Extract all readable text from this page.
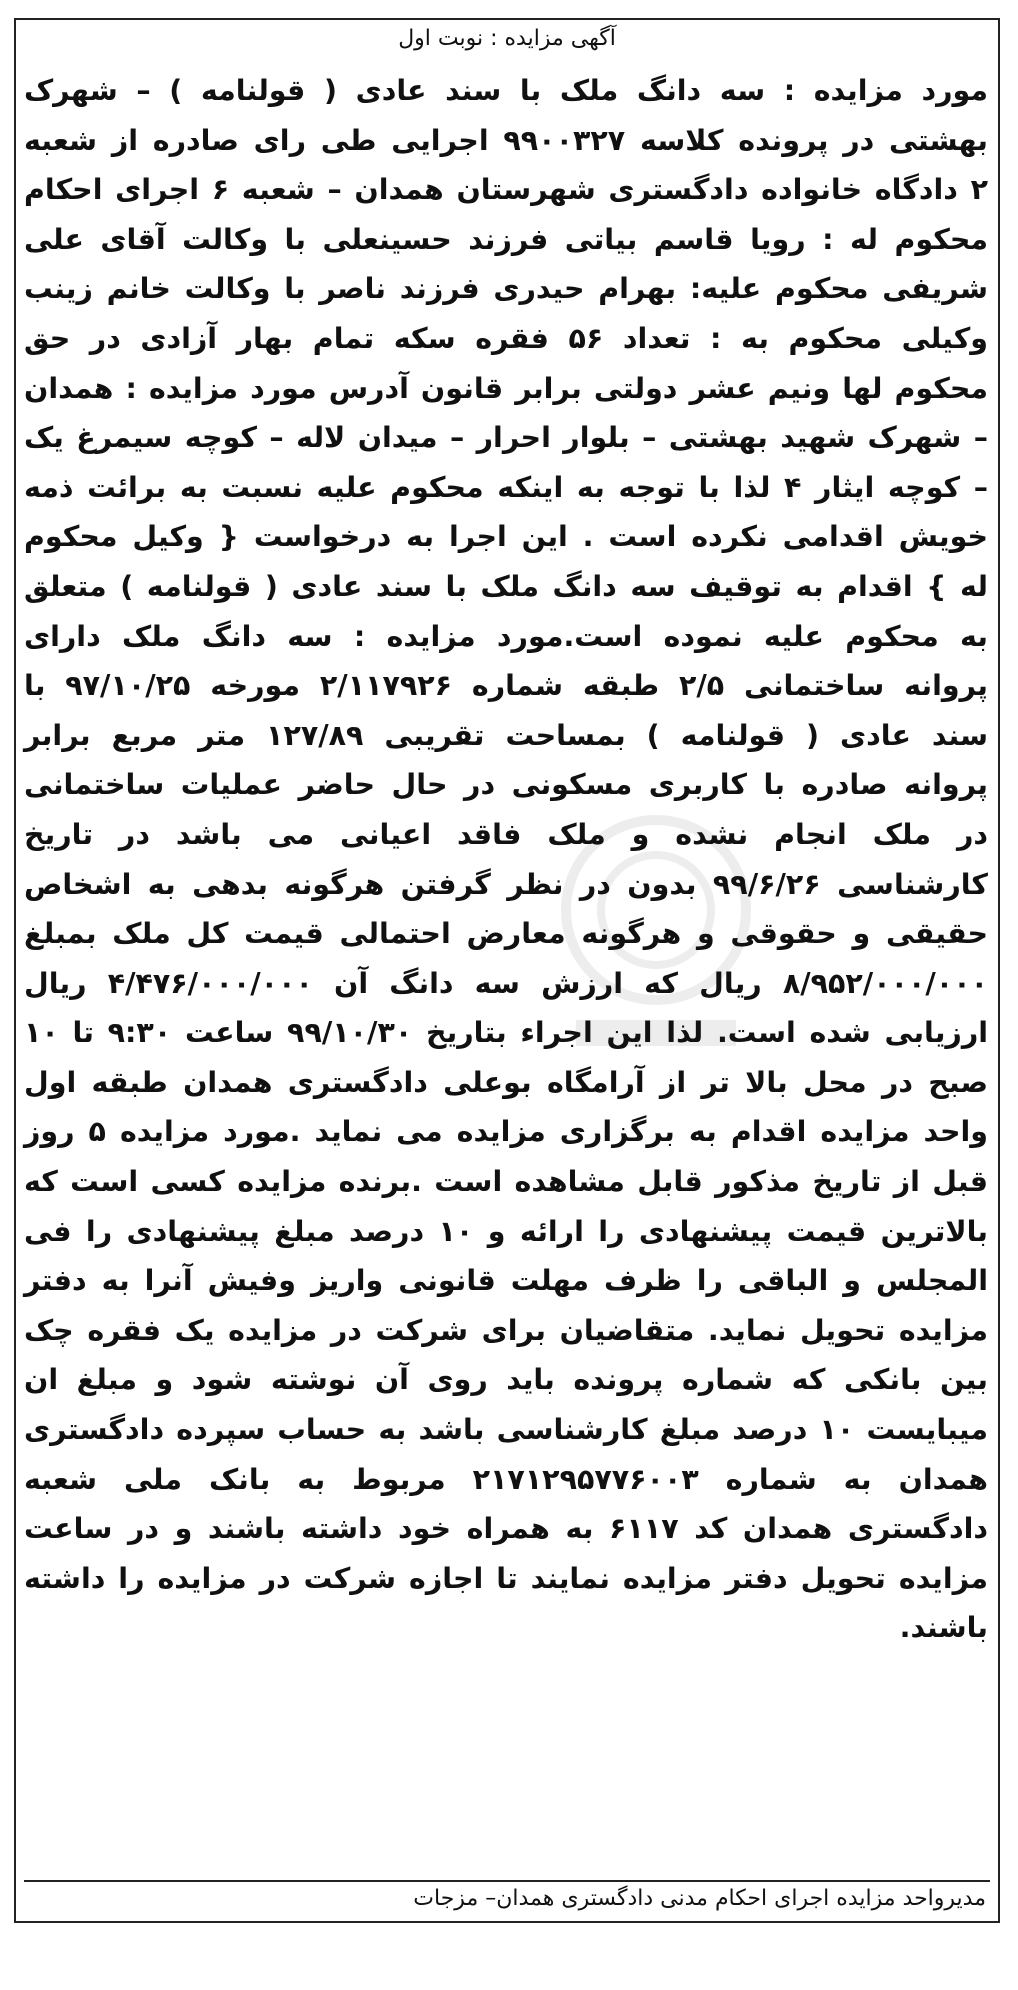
آگهی مزایده : نوبت اول
مورد مزایده : سه دانگ ملک با سند عادی ( قولنامه ) – شهرک بهشتی در پرونده کلاسه ۹۹۰۰۳۲۷ اجرایی طی رای صادره از شعبه ۲ دادگاه خانواده دادگستری شهرستان همدان – شعبه ۶ اجرای احکام محکوم له : رویا قاسم بیاتی فرزند حسینعلی با وکالت آقای علی شریفی محکوم علیه: بهرام حیدری فرزند ناصر با وکالت خانم زینب وکیلی محکوم به : تعداد ۵۶ فقره سکه تمام بهار آزادی در حق محکوم لها ونیم عشر دولتی برابر قانون آدرس مورد مزایده : همدان – شهرک شهید بهشتی – بلوار احرار – میدان لاله – کوچه سیمرغ یک – کوچه ایثار ۴ لذا با توجه به اینکه محکوم علیه نسبت به برائت ذمه خویش اقدامی نکرده است . این اجرا به درخواست { وکیل محکوم له } اقدام به توقیف سه دانگ ملک با سند عادی ( قولنامه ) متعلق به محکوم علیه نموده است.مورد مزایده : سه دانگ ملک دارای پروانه ساختمانی ۲/۵ طبقه شماره ۲/۱۱۷۹۲۶ مورخه ۹۷/۱۰/۲۵ با سند عادی ( قولنامه ) بمساحت تقریبی ۱۲۷/۸۹ متر مربع برابر پروانه صادره با کاربری مسکونی در حال حاضر عملیات ساختمانی در ملک انجام نشده و ملک فاقد اعیانی می باشد در تاریخ کارشناسی ۹۹/۶/۲۶ بدون در نظر گرفتن هرگونه بدهی به اشخاص حقیقی و حقوقی و هرگونه معارض احتمالی قیمت کل ملک بمبلغ ۸/۹۵۲/۰۰۰/۰۰۰ ریال که ارزش سه دانگ آن ۴/۴۷۶/۰۰۰/۰۰۰ ریال ارزیابی شده است. لذا این اجراء بتاریخ ۹۹/۱۰/۳۰ ساعت ۹:۳۰ تا ۱۰ صبح در محل بالا تر از آرامگاه بوعلی دادگستری همدان طبقه اول واحد مزایده اقدام به برگزاری مزایده می نماید .مورد مزایده ۵ روز قبل از تاریخ مذکور قابل مشاهده است .برنده مزایده کسی است که بالاترین قیمت پیشنهادی را ارائه و ۱۰ درصد مبلغ پیشنهادی را فی المجلس و الباقی را ظرف مهلت قانونی واریز وفیش آنرا به دفتر مزایده تحویل نماید. متقاضیان برای شرکت در مزایده یک فقره چک بین بانکی که شماره پرونده باید روی آن نوشته شود و مبلغ ان میبایست ۱۰ درصد مبلغ کارشناسی باشد به حساب سپرده دادگستری همدان به شماره ۲۱۷۱۲۹۵۷۷۶۰۰۳ مربوط به بانک ملی شعبه دادگستری همدان کد ۶۱۱۷ به همراه خود داشته باشند و در ساعت مزایده تحویل دفتر مزایده نمایند تا اجازه شرکت در مزایده را داشته باشند.
مدیرواحد مزایده اجرای احکام مدنی دادگستری همدان– مزجات
